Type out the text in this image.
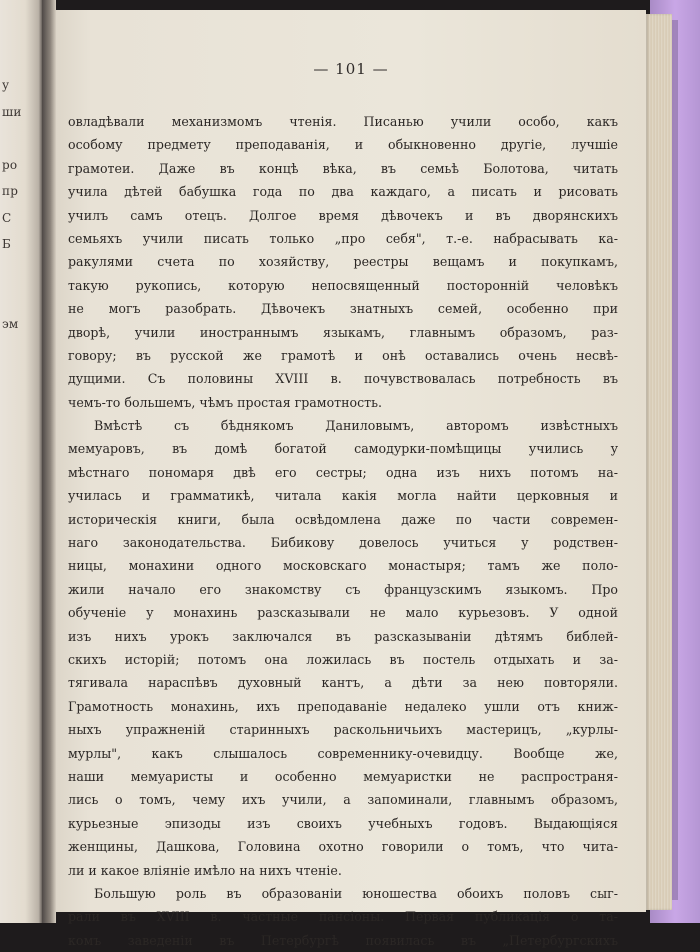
у
ши
ро
пр
С
Б
эм
— 101 —
овладѣвали механизмомъ чтенія. Писанью учили особо, какъ
особому предмету преподаванія, и обыкновенно другіе, лучшіе
грамотеи. Даже въ концѣ вѣка, въ семьѣ Болотова, читать
учила дѣтей бабушка года по два каждаго, а писать и рисовать
училъ самъ отецъ. Долгое время дѣвочекъ и въ дворянскихъ
семьяхъ учили писать только „про себя", т.-е. набрасывать ка-
ракулями счета по хозяйству, реестры вещамъ и покупкамъ,
такую рукопись, которую непосвященный посторонній человѣкъ
не могъ разобрать. Дѣвочекъ знатныхъ семей, особенно при
дворѣ, учили иностраннымъ языкамъ, главнымъ образомъ, раз-
говору; въ русской же грамотѣ и онѣ оставались очень несвѣ-
дущими. Съ половины XVIII в. почувствовалась потребность въ
чемъ-то большемъ, чѣмъ простая грамотность.
Вмѣстѣ съ бѣднякомъ Даниловымъ, авторомъ извѣстныхъ
мемуаровъ, въ домѣ богатой самодурки-помѣщицы учились у
мѣстнаго пономаря двѣ его сестры; одна изъ нихъ потомъ на-
училась и грамматикѣ, читала какія могла найти церковныя и
историческія книги, была освѣдомлена даже по части современ-
наго законодательства. Бибикову довелось учиться у родствен-
ницы, монахини одного московскаго монастыря; тамъ же поло-
жили начало его знакомству съ французскимъ языкомъ. Про
обученіе у монахинь разсказывали не мало курьезовъ. У одной
изъ нихъ урокъ заключался въ разсказываніи дѣтямъ библей-
скихъ исторій; потомъ она ложилась въ постель отдыхать и за-
тягивала нараспѣвъ духовный кантъ, а дѣти за нею повторяли.
Грамотность монахинь, ихъ преподаваніе недалеко ушли отъ книж-
ныхъ упражненій старинныхъ раскольничьихъ мастерицъ, „курлы-
мурлы", какъ слышалось современнику-очевидцу. Вообще же,
наши мемуаристы и особенно мемуаристки не распространя-
лись о томъ, чему ихъ учили, а запоминали, главнымъ образомъ,
курьезные эпизоды изъ своихъ учебныхъ годовъ. Выдающіяся
женщины, Дашкова, Головина охотно говорили о томъ, что чита-
ли и какое вліяніе имѣло на нихъ чтеніе.
Большую роль въ образованіи юношества обоихъ половъ сыг-
рали въ XVIII в. частные пансіоны. Первая публикація о та-
комъ заведеніи въ Петербургѣ появилась въ „Петербургскихъ
